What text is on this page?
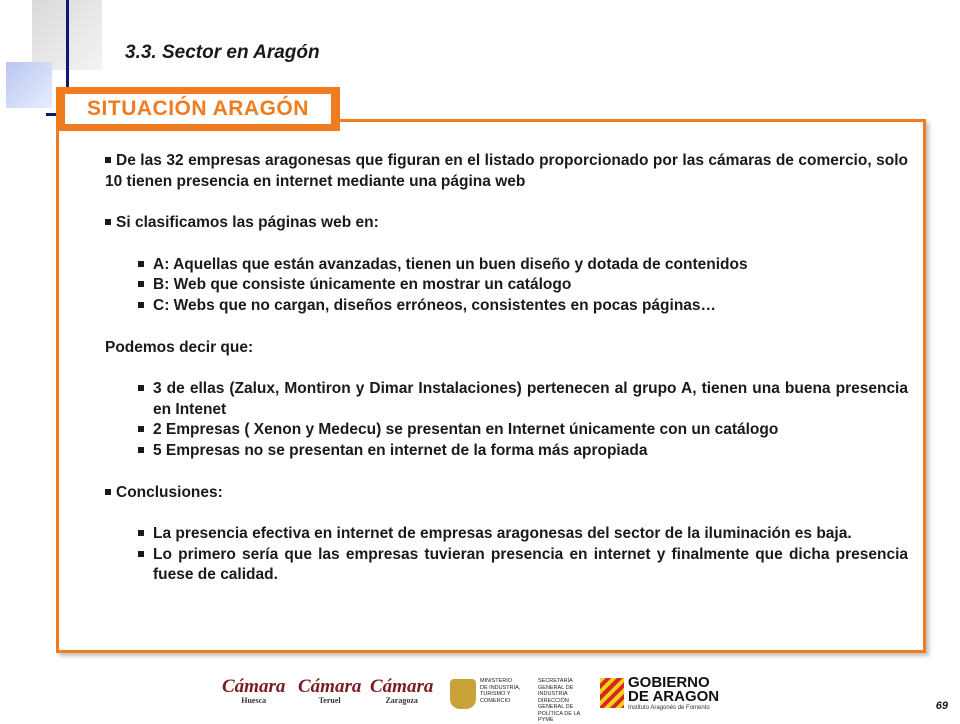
3.3. Sector en Aragón
SITUACIÓN ARAGÓN

De las 32 empresas aragonesas que figuran en el listado proporcionado por las cámaras de comercio, solo 10 tienen presencia en internet mediante una página web

Si clasificamos las páginas web en:

A: Aquellas que están avanzadas, tienen un buen diseño y dotada de contenidos
B: Web que consiste únicamente en mostrar un catálogo
C: Webs que no cargan, diseños erróneos, consistentes en pocas páginas…

Podemos decir que:

3 de ellas (Zalux, Montiron y Dimar Instalaciones) pertenecen al grupo A, tienen una buena presencia en Intenet
2 Empresas ( Xenon y Medecu) se presentan en Internet únicamente con un catálogo
5 Empresas no se presentan en internet de la forma más apropiada

Conclusiones:

La presencia efectiva en internet de empresas aragonesas del sector de la iluminación es baja.
Lo primero sería que las empresas tuvieran presencia en internet y finalmente que dicha presencia fuese de calidad.
Cámara
Huesca
Cámara
Teruel
Cámara
Zaragoza
MINISTERIO
DE INDUSTRIA,
TURISMO Y
COMERCIO
SECRETARÍA GENERAL DE
INDUSTRIA
DIRECCIÓN GENERAL DE
POLÍTICA DE LA PYME
GOBIERNO
DE ARAGON
Instituto Aragonés de Fomento	69
